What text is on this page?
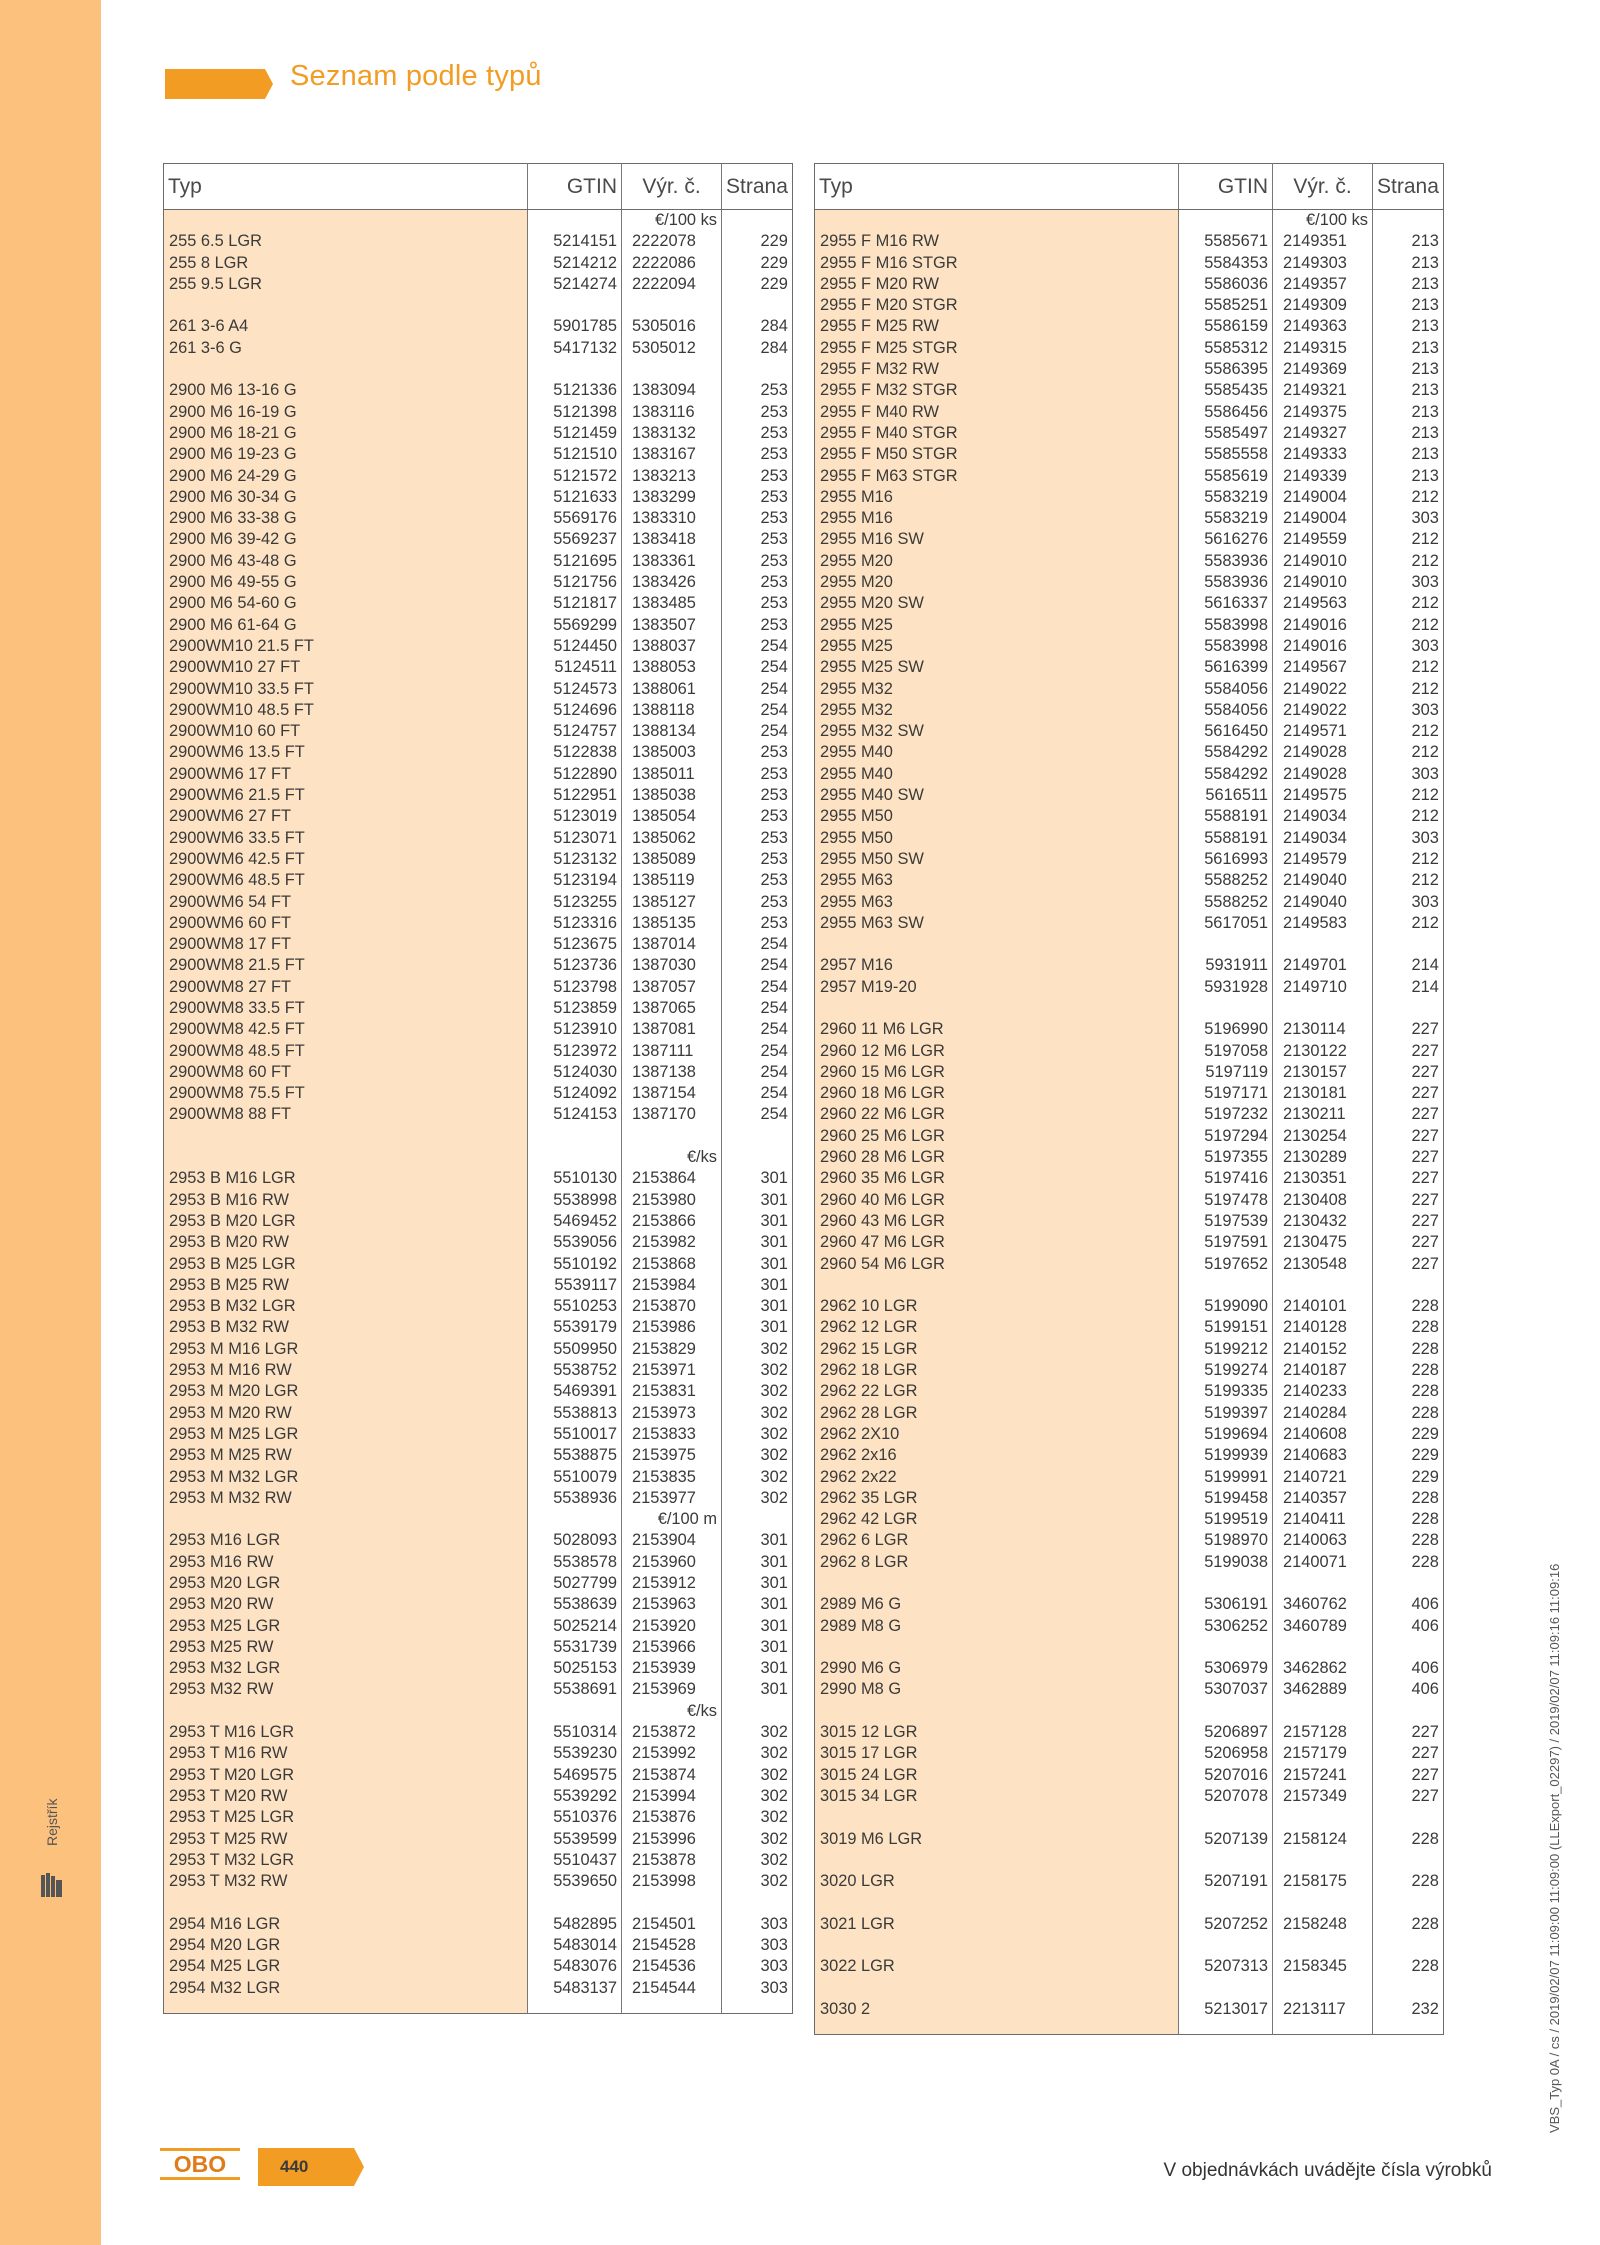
Rejstřík
Seznam podle typů
Typ	GTIN	Výr. č.	Strana
		€/100 ks	
255 6.5 LGR	5214151	2222078	229
255 8 LGR	5214212	2222086	229
255 9.5 LGR	5214274	2222094	229

261 3-6 A4	5901785	5305016	284
261 3-6 G	5417132	5305012	284

2900 M6 13-16 G	5121336	1383094	253
2900 M6 16-19 G	5121398	1383116	253
2900 M6 18-21 G	5121459	1383132	253
2900 M6 19-23 G	5121510	1383167	253
2900 M6 24-29 G	5121572	1383213	253
2900 M6 30-34 G	5121633	1383299	253
2900 M6 33-38 G	5569176	1383310	253
2900 M6 39-42 G	5569237	1383418	253
2900 M6 43-48 G	5121695	1383361	253
2900 M6 49-55 G	5121756	1383426	253
2900 M6 54-60 G	5121817	1383485	253
2900 M6 61-64 G	5569299	1383507	253
2900WM10 21.5 FT	5124450	1388037	254
2900WM10 27 FT	5124511	1388053	254
2900WM10 33.5 FT	5124573	1388061	254
2900WM10 48.5 FT	5124696	1388118	254
2900WM10 60 FT	5124757	1388134	254
2900WM6 13.5 FT	5122838	1385003	253
2900WM6 17 FT	5122890	1385011	253
2900WM6 21.5 FT	5122951	1385038	253
2900WM6 27 FT	5123019	1385054	253
2900WM6 33.5 FT	5123071	1385062	253
2900WM6 42.5 FT	5123132	1385089	253
2900WM6 48.5 FT	5123194	1385119	253
2900WM6 54 FT	5123255	1385127	253
2900WM6 60 FT	5123316	1385135	253
2900WM8 17 FT	5123675	1387014	254
2900WM8 21.5 FT	5123736	1387030	254
2900WM8 27 FT	5123798	1387057	254
2900WM8 33.5 FT	5123859	1387065	254
2900WM8 42.5 FT	5123910	1387081	254
2900WM8 48.5 FT	5123972	1387111	254
2900WM8 60 FT	5124030	1387138	254
2900WM8 75.5 FT	5124092	1387154	254
2900WM8 88 FT	5124153	1387170	254

		€/ks	
2953 B M16 LGR	5510130	2153864	301
2953 B M16 RW	5538998	2153980	301
2953 B M20 LGR	5469452	2153866	301
2953 B M20 RW	5539056	2153982	301
2953 B M25 LGR	5510192	2153868	301
2953 B M25 RW	5539117	2153984	301
2953 B M32 LGR	5510253	2153870	301
2953 B M32 RW	5539179	2153986	301
2953 M M16 LGR	5509950	2153829	302
2953 M M16 RW	5538752	2153971	302
2953 M M20 LGR	5469391	2153831	302
2953 M M20 RW	5538813	2153973	302
2953 M M25 LGR	5510017	2153833	302
2953 M M25 RW	5538875	2153975	302
2953 M M32 LGR	5510079	2153835	302
2953 M M32 RW	5538936	2153977	302
		€/100 m	
2953 M16 LGR	5028093	2153904	301
2953 M16 RW	5538578	2153960	301
2953 M20 LGR	5027799	2153912	301
2953 M20 RW	5538639	2153963	301
2953 M25 LGR	5025214	2153920	301
2953 M25 RW	5531739	2153966	301
2953 M32 LGR	5025153	2153939	301
2953 M32 RW	5538691	2153969	301
		€/ks	
2953 T M16 LGR	5510314	2153872	302
2953 T M16 RW	5539230	2153992	302
2953 T M20 LGR	5469575	2153874	302
2953 T M20 RW	5539292	2153994	302
2953 T M25 LGR	5510376	2153876	302
2953 T M25 RW	5539599	2153996	302
2953 T M32 LGR	5510437	2153878	302
2953 T M32 RW	5539650	2153998	302

2954 M16 LGR	5482895	2154501	303
2954 M20 LGR	5483014	2154528	303
2954 M25 LGR	5483076	2154536	303
2954 M32 LGR	5483137	2154544	303

Typ	GTIN	Výr. č.	Strana
		€/100 ks	
2955 F M16 RW	5585671	2149351	213
2955 F M16 STGR	5584353	2149303	213
2955 F M20 RW	5586036	2149357	213
2955 F M20 STGR	5585251	2149309	213
2955 F M25 RW	5586159	2149363	213
2955 F M25 STGR	5585312	2149315	213
2955 F M32 RW	5586395	2149369	213
2955 F M32 STGR	5585435	2149321	213
2955 F M40 RW	5586456	2149375	213
2955 F M40 STGR	5585497	2149327	213
2955 F M50 STGR	5585558	2149333	213
2955 F M63 STGR	5585619	2149339	213
2955 M16	5583219	2149004	212
2955 M16	5583219	2149004	303
2955 M16 SW	5616276	2149559	212
2955 M20	5583936	2149010	212
2955 M20	5583936	2149010	303
2955 M20 SW	5616337	2149563	212
2955 M25	5583998	2149016	212
2955 M25	5583998	2149016	303
2955 M25 SW	5616399	2149567	212
2955 M32	5584056	2149022	212
2955 M32	5584056	2149022	303
2955 M32 SW	5616450	2149571	212
2955 M40	5584292	2149028	212
2955 M40	5584292	2149028	303
2955 M40 SW	5616511	2149575	212
2955 M50	5588191	2149034	212
2955 M50	5588191	2149034	303
2955 M50 SW	5616993	2149579	212
2955 M63	5588252	2149040	212
2955 M63	5588252	2149040	303
2955 M63 SW	5617051	2149583	212

2957 M16	5931911	2149701	214
2957 M19-20	5931928	2149710	214

2960 11 M6 LGR	5196990	2130114	227
2960 12 M6 LGR	5197058	2130122	227
2960 15 M6 LGR	5197119	2130157	227
2960 18 M6 LGR	5197171	2130181	227
2960 22 M6 LGR	5197232	2130211	227
2960 25 M6 LGR	5197294	2130254	227
2960 28 M6 LGR	5197355	2130289	227
2960 35 M6 LGR	5197416	2130351	227
2960 40 M6 LGR	5197478	2130408	227
2960 43 M6 LGR	5197539	2130432	227
2960 47 M6 LGR	5197591	2130475	227
2960 54 M6 LGR	5197652	2130548	227

2962 10 LGR	5199090	2140101	228
2962 12 LGR	5199151	2140128	228
2962 15 LGR	5199212	2140152	228
2962 18 LGR	5199274	2140187	228
2962 22 LGR	5199335	2140233	228
2962 28 LGR	5199397	2140284	228
2962 2X10	5199694	2140608	229
2962 2x16	5199939	2140683	229
2962 2x22	5199991	2140721	229
2962 35 LGR	5199458	2140357	228
2962 42 LGR	5199519	2140411	228
2962 6 LGR	5198970	2140063	228
2962 8 LGR	5199038	2140071	228

2989 M6 G	5306191	3460762	406
2989 M8 G	5306252	3460789	406

2990 M6 G	5306979	3462862	406
2990 M8 G	5307037	3462889	406

3015 12 LGR	5206897	2157128	227
3015 17 LGR	5206958	2157179	227
3015 24 LGR	5207016	2157241	227
3015 34 LGR	5207078	2157349	227

3019 M6 LGR	5207139	2158124	228

3020 LGR	5207191	2158175	228

3021 LGR	5207252	2158248	228

3022 LGR	5207313	2158345	228

3030 2	5213017	2213117	232

OBO	440	V objednávkách uvádějte čísla výrobků
VBS_Typ 0A / cs / 2019/02/07 11:09:00 11:09:00 (LLExport_02297) / 2019/02/07 11:09:16 11:09:16
